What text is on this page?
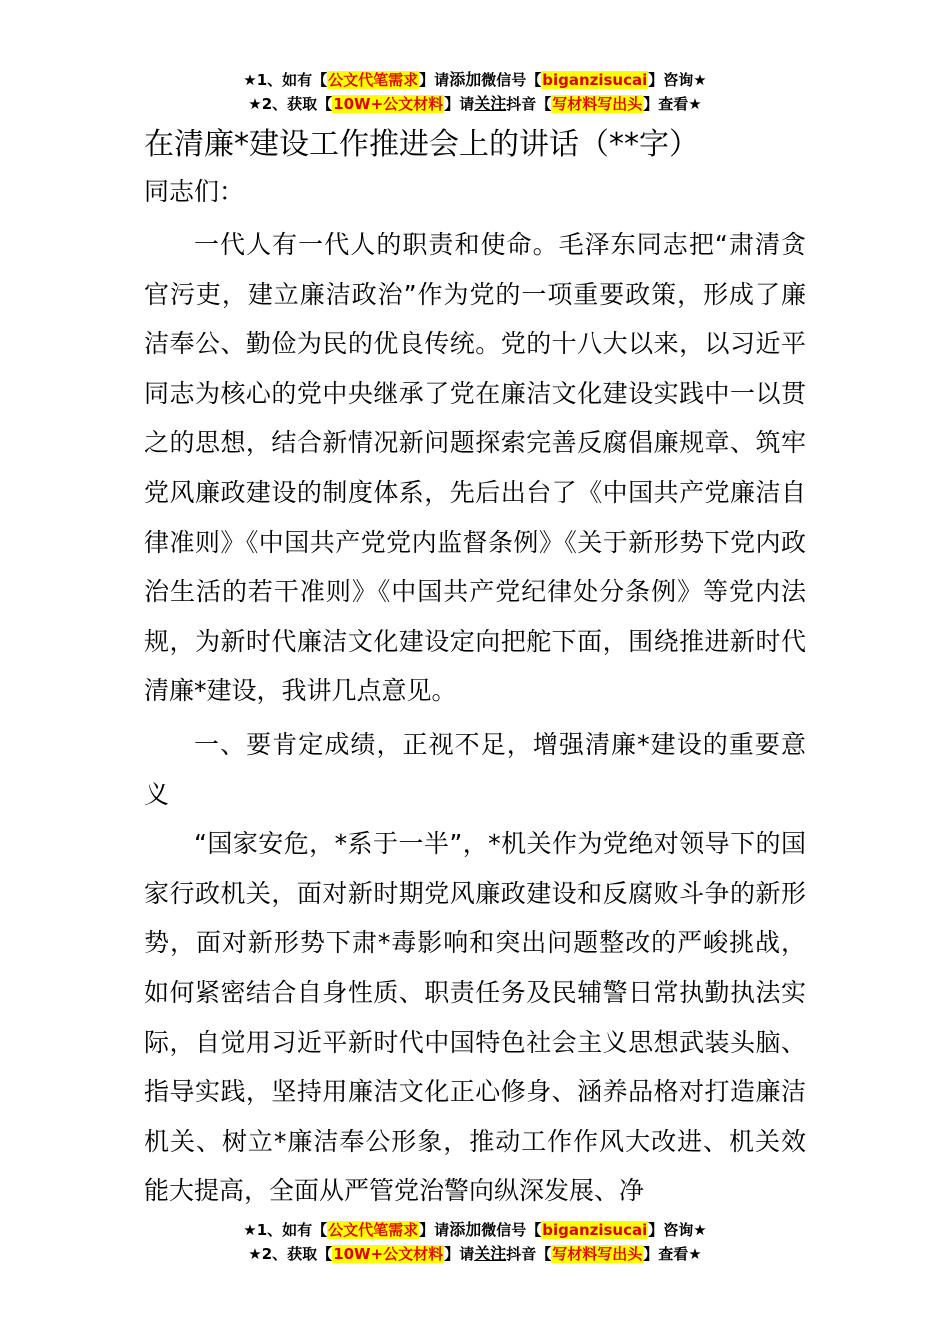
★1、如有【公文代笔需求】请添加微信号【biganzisucai】咨询★
★2、获取【10W+公文材料】请关注抖音【写材料写出头】查看★
在清廉*建设工作推进会上的讲话（**字）

同志们：

一代人有一代人的职责和使命。毛泽东同志把“肃清贪官污吏，建立廉洁政治”作为党的一项重要政策，形成了廉洁奉公、勤俭为民的优良传统。党的十八大以来，以习近平同志为核心的党中央继承了党在廉洁文化建设实践中一以贯之的思想，结合新情况新问题探索完善反腐倡廉规章、筑牢党风廉政建设的制度体系，先后出台了《中国共产党廉洁自律准则》《中国共产党党内监督条例》《关于新形势下党内政治生活的若干准则》《中国共产党纪律处分条例》等党内法规，为新时代廉洁文化建设定向把舵下面，围绕推进新时代清廉*建设，我讲几点意见。

一、要肯定成绩，正视不足，增强清廉*建设的重要意义

“国家安危，*系于一半”，*机关作为党绝对领导下的国家行政机关，面对新时期党风廉政建设和反腐败斗争的新形势，面对新形势下肃*毒影响和突出问题整改的严峻挑战，如何紧密结合自身性质、职责任务及民辅警日常执勤执法实际，自觉用习近平新时代中国特色社会主义思想武装头脑、指导实践，坚持用廉洁文化正心修身、涵养品格对打造廉洁机关、树立*廉洁奉公形象，推动工作作风大改进、机关效能大提高，全面从严管党治警向纵深发展、净

★1、如有【公文代笔需求】请添加微信号【biganzisucai】咨询★
★2、获取【10W+公文材料】请关注抖音【写材料写出头】查看★
